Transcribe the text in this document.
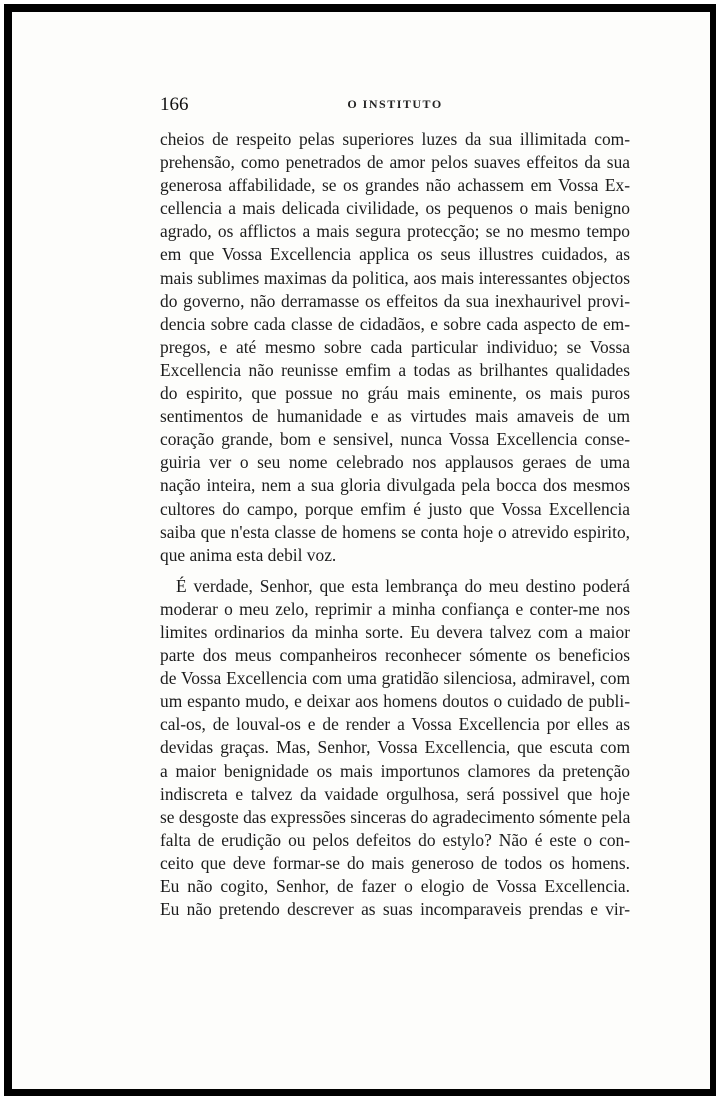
166	O INSTITUTO
cheios de respeito pelas superiores luzes da sua illimitada com-
prehensão, como penetrados de amor pelos suaves effeitos da sua
generosa affabilidade, se os grandes não achassem em Vossa Ex-
cellencia a mais delicada civilidade, os pequenos o mais benigno
agrado, os afflictos a mais segura protecção; se no mesmo tempo
em que Vossa Excellencia applica os seus illustres cuidados, as
mais sublimes maximas da politica, aos mais interessantes objectos
do governo, não derramasse os effeitos da sua inexhaurivel provi-
dencia sobre cada classe de cidadãos, e sobre cada aspecto de em-
pregos, e até mesmo sobre cada particular individuo; se Vossa
Excellencia não reunisse emfim a todas as brilhantes qualidades
do espirito, que possue no gráu mais eminente, os mais puros
sentimentos de humanidade e as virtudes mais amaveis de um
coração grande, bom e sensivel, nunca Vossa Excellencia conse-
guiria ver o seu nome celebrado nos applausos geraes de uma
nação inteira, nem a sua gloria divulgada pela bocca dos mesmos
cultores do campo, porque emfim é justo que Vossa Excellencia
saiba que n'esta classe de homens se conta hoje o atrevido espirito,
que anima esta debil voz.
É verdade, Senhor, que esta lembrança do meu destino poderá
moderar o meu zelo, reprimir a minha confiança e conter-me nos
limites ordinarios da minha sorte. Eu devera talvez com a maior
parte dos meus companheiros reconhecer sómente os beneficios
de Vossa Excellencia com uma gratidão silenciosa, admiravel, com
um espanto mudo, e deixar aos homens doutos o cuidado de publi-
cal-os, de louval-os e de render a Vossa Excellencia por elles as
devidas graças. Mas, Senhor, Vossa Excellencia, que escuta com
a maior benignidade os mais importunos clamores da pretenção
indiscreta e talvez da vaidade orgulhosa, será possivel que hoje
se desgoste das expressões sinceras do agradecimento sómente pela
falta de erudição ou pelos defeitos do estylo? Não é este o con-
ceito que deve formar-se do mais generoso de todos os homens.
Eu não cogito, Senhor, de fazer o elogio de Vossa Excellencia.
Eu não pretendo descrever as suas incomparaveis prendas e vir-
